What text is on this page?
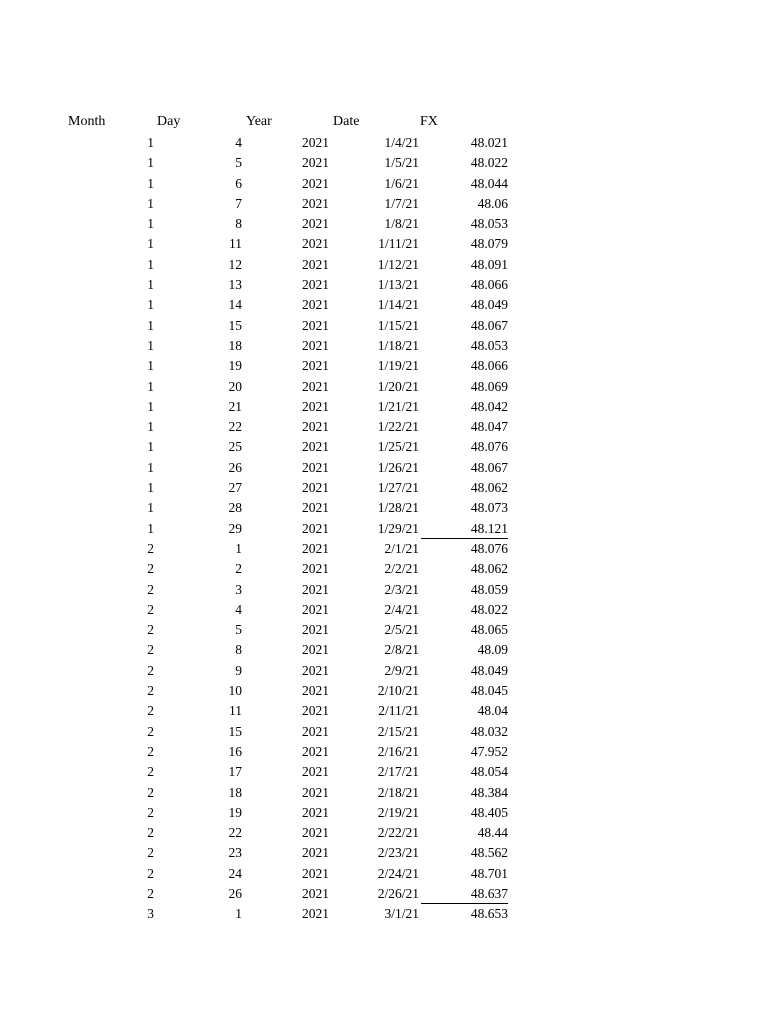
Month	Day	Year	Date	FX
1	4	2021	1/4/21	48.021
1	5	2021	1/5/21	48.022
1	6	2021	1/6/21	48.044
1	7	2021	1/7/21	48.06
1	8	2021	1/8/21	48.053
1	11	2021	1/11/21	48.079
1	12	2021	1/12/21	48.091
1	13	2021	1/13/21	48.066
1	14	2021	1/14/21	48.049
1	15	2021	1/15/21	48.067
1	18	2021	1/18/21	48.053
1	19	2021	1/19/21	48.066
1	20	2021	1/20/21	48.069
1	21	2021	1/21/21	48.042
1	22	2021	1/22/21	48.047
1	25	2021	1/25/21	48.076
1	26	2021	1/26/21	48.067
1	27	2021	1/27/21	48.062
1	28	2021	1/28/21	48.073
1	29	2021	1/29/21	48.121
2	1	2021	2/1/21	48.076
2	2	2021	2/2/21	48.062
2	3	2021	2/3/21	48.059
2	4	2021	2/4/21	48.022
2	5	2021	2/5/21	48.065
2	8	2021	2/8/21	48.09
2	9	2021	2/9/21	48.049
2	10	2021	2/10/21	48.045
2	11	2021	2/11/21	48.04
2	15	2021	2/15/21	48.032
2	16	2021	2/16/21	47.952
2	17	2021	2/17/21	48.054
2	18	2021	2/18/21	48.384
2	19	2021	2/19/21	48.405
2	22	2021	2/22/21	48.44
2	23	2021	2/23/21	48.562
2	24	2021	2/24/21	48.701
2	26	2021	2/26/21	48.637
3	1	2021	3/1/21	48.653
